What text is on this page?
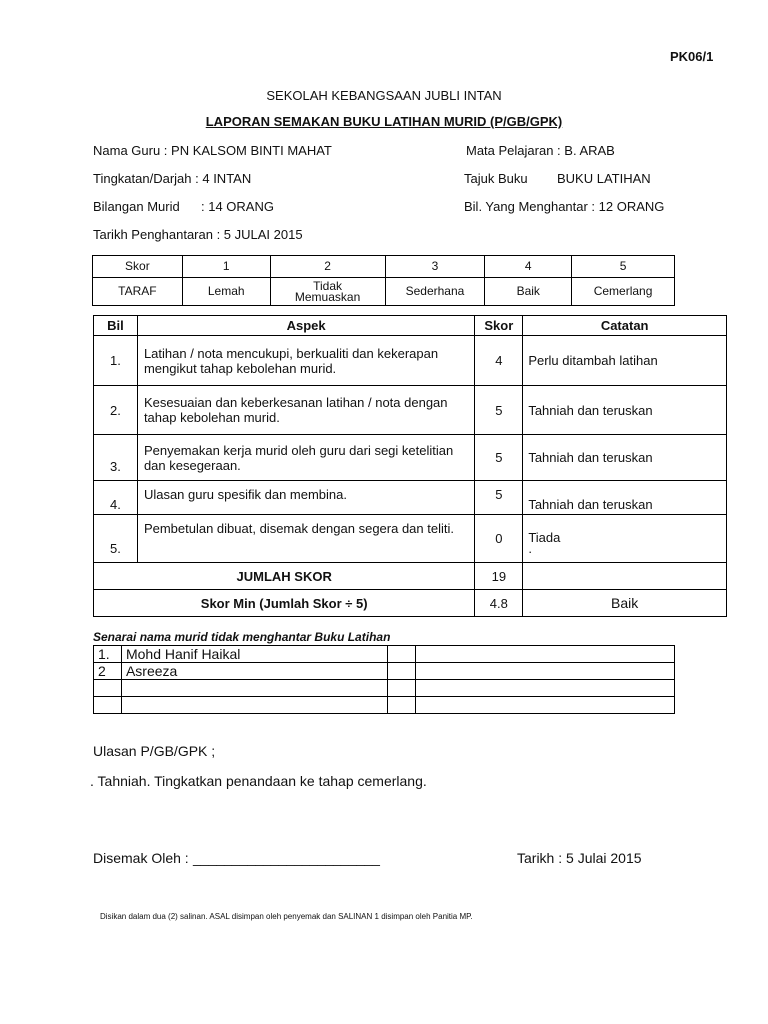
PK06/1
SEKOLAH KEBANGSAAN JUBLI INTAN
LAPORAN SEMAKAN BUKU LATIHAN MURID (P/GB/GPK)
Nama Guru : PN KALSOM BINTI MAHAT	Mata Pelajaran : B. ARAB
Tingkatan/Darjah : 4 INTAN	Tajuk Buku BUKU LATIHAN
Bilangan Murid : 14 ORANG	Bil. Yang Menghantar : 12 ORANG
Tarikh Penghantaran : 5 JULAI 2015
Skor	1	2	3	4	5
TARAF	Lemah	Tidak Memuaskan	Sederhana	Baik	Cemerlang
Bil	Aspek	Skor	Catatan
1.	Latihan / nota mencukupi, berkualiti dan kekerapan mengikut tahap kebolehan murid.	4	Perlu ditambah latihan
2.	Kesesuaian dan keberkesanan latihan / nota dengan tahap kebolehan murid.	5	Tahniah dan teruskan
3.	Penyemakan kerja murid oleh guru dari segi ketelitian dan kesegeraan.	5	Tahniah dan teruskan
4.	Ulasan guru spesifik dan membina.	5	Tahniah dan teruskan
5.	Pembetulan dibuat, disemak dengan segera dan teliti.	0	Tiada
.

JUMLAH SKOR		19	
Skor Min (Jumlah Skor ÷ 5)		4.8	Baik
Senarai nama murid tidak menghantar Buku Latihan
1.	Mohd Hanif Haikal		
2	Asreeza		

Ulasan P/GB/GPK ;
. Tahniah. Tingkatkan penandaan ke tahap cemerlang.
Disemak Oleh : ________________________	Tarikh : 5 Julai 2015
Disikan dalam dua (2) salinan. ASAL disimpan oleh penyemak dan SALINAN 1 disimpan oleh Panitia MP.
